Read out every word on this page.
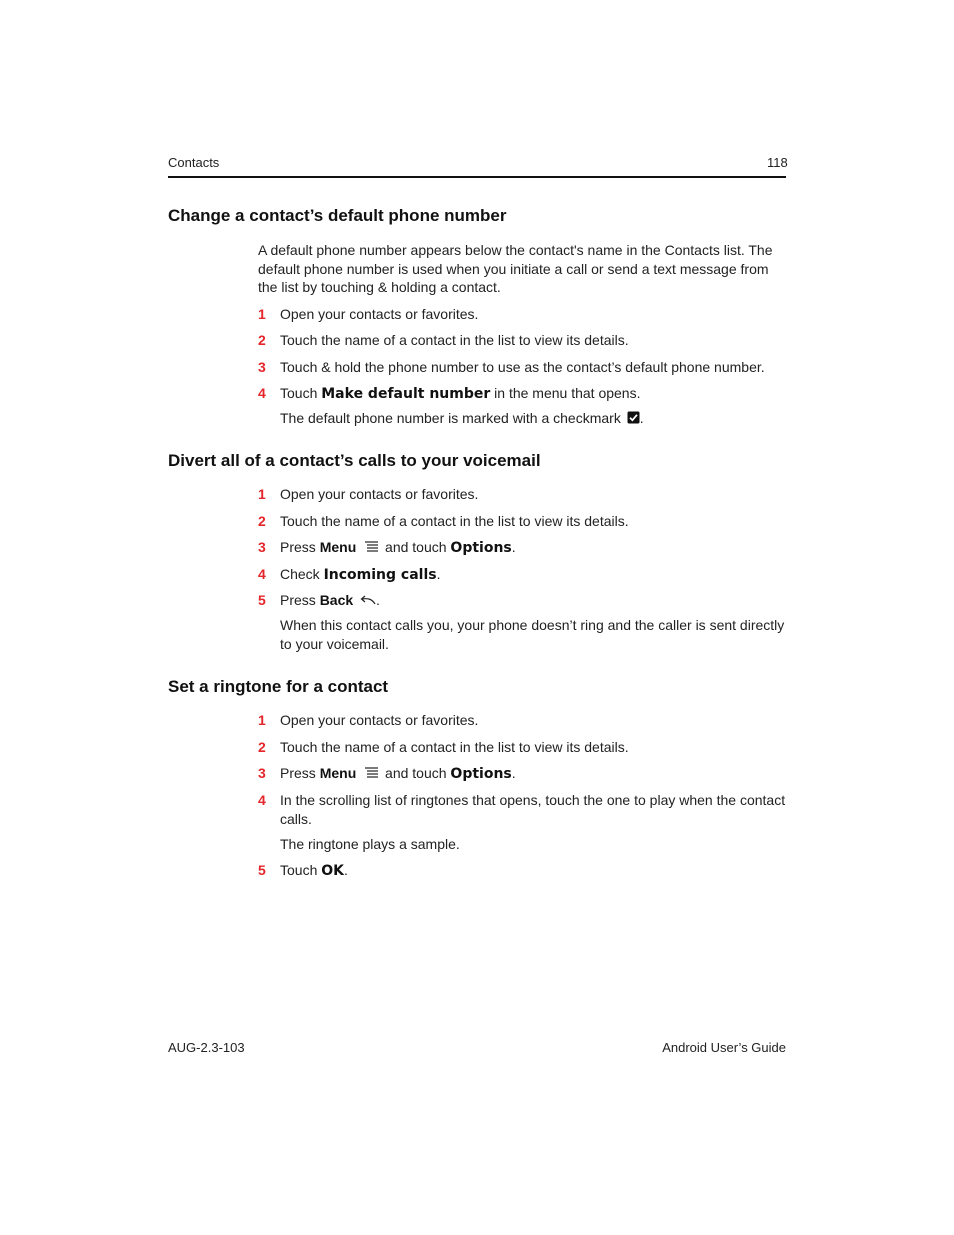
Contacts	118
Change a contact’s default phone number
A default phone number appears below the contact's name in the Contacts list. The default phone number is used when you initiate a call or send a text message from the list by touching & holding a contact.
1 Open your contacts or favorites.
2 Touch the name of a contact in the list to view its details.
3 Touch & hold the phone number to use as the contact’s default phone number.
4 Touch Make default number in the menu that opens.
The default phone number is marked with a checkmark .
Divert all of a contact’s calls to your voicemail
1 Open your contacts or favorites.
2 Touch the name of a contact in the list to view its details.
3 Press Menu  and touch Options.
4 Check Incoming calls.
5 Press Back .
When this contact calls you, your phone doesn’t ring and the caller is sent directly to your voicemail.
Set a ringtone for a contact
1 Open your contacts or favorites.
2 Touch the name of a contact in the list to view its details.
3 Press Menu  and touch Options.
4 In the scrolling list of ringtones that opens, touch the one to play when the contact calls.
The ringtone plays a sample.
5 Touch OK.
AUG-2.3-103	Android User’s Guide
